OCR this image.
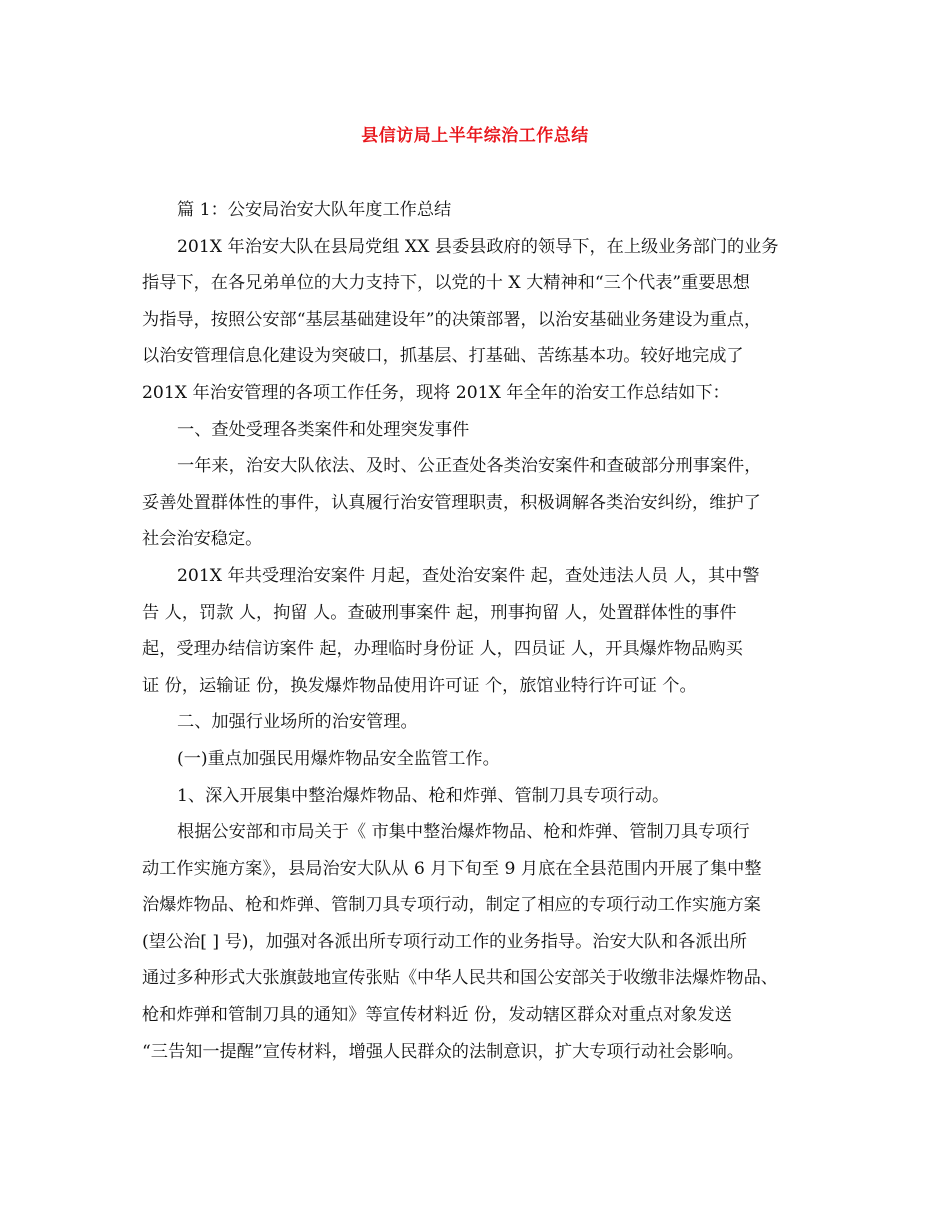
县信访局上半年综治工作总结
篇 1：公安局治安大队年度工作总结
201X 年治安大队在县局党组 XX 县委县政府的领导下，在上级业务部门的业务
指导下，在各兄弟单位的大力支持下，以党的十 X 大精神和“三个代表”重要思想
为指导，按照公安部“基层基础建设年”的决策部署，以治安基础业务建设为重点，
以治安管理信息化建设为突破口，抓基层、打基础、苦练基本功。较好地完成了
201X 年治安管理的各项工作任务，现将 201X 年全年的治安工作总结如下：
一、查处受理各类案件和处理突发事件
一年来，治安大队依法、及时、公正查处各类治安案件和查破部分刑事案件，
妥善处置群体性的事件，认真履行治安管理职责，积极调解各类治安纠纷，维护了
社会治安稳定。
201X 年共受理治安案件 月起，查处治安案件 起，查处违法人员 人，其中警
告 人，罚款 人，拘留 人。查破刑事案件 起，刑事拘留 人，处置群体性的事件
起，受理办结信访案件 起，办理临时身份证 人，四员证 人，开具爆炸物品购买
证 份，运输证 份，换发爆炸物品使用许可证 个，旅馆业特行许可证 个。
二、加强行业场所的治安管理。
(一)重点加强民用爆炸物品安全监管工作。
1、深入开展集中整治爆炸物品、枪和炸弹、管制刀具专项行动。
根据公安部和市局关于《 市集中整治爆炸物品、枪和炸弹、管制刀具专项行
动工作实施方案》，县局治安大队从 6 月下旬至 9 月底在全县范围内开展了集中整
治爆炸物品、枪和炸弹、管制刀具专项行动，制定了相应的专项行动工作实施方案
(望公治[ ] 号)，加强对各派出所专项行动工作的业务指导。治安大队和各派出所
通过多种形式大张旗鼓地宣传张贴《中华人民共和国公安部关于收缴非法爆炸物品、
枪和炸弹和管制刀具的通知》等宣传材料近 份，发动辖区群众对重点对象发送
“三告知一提醒”宣传材料，增强人民群众的法制意识，扩大专项行动社会影响。
